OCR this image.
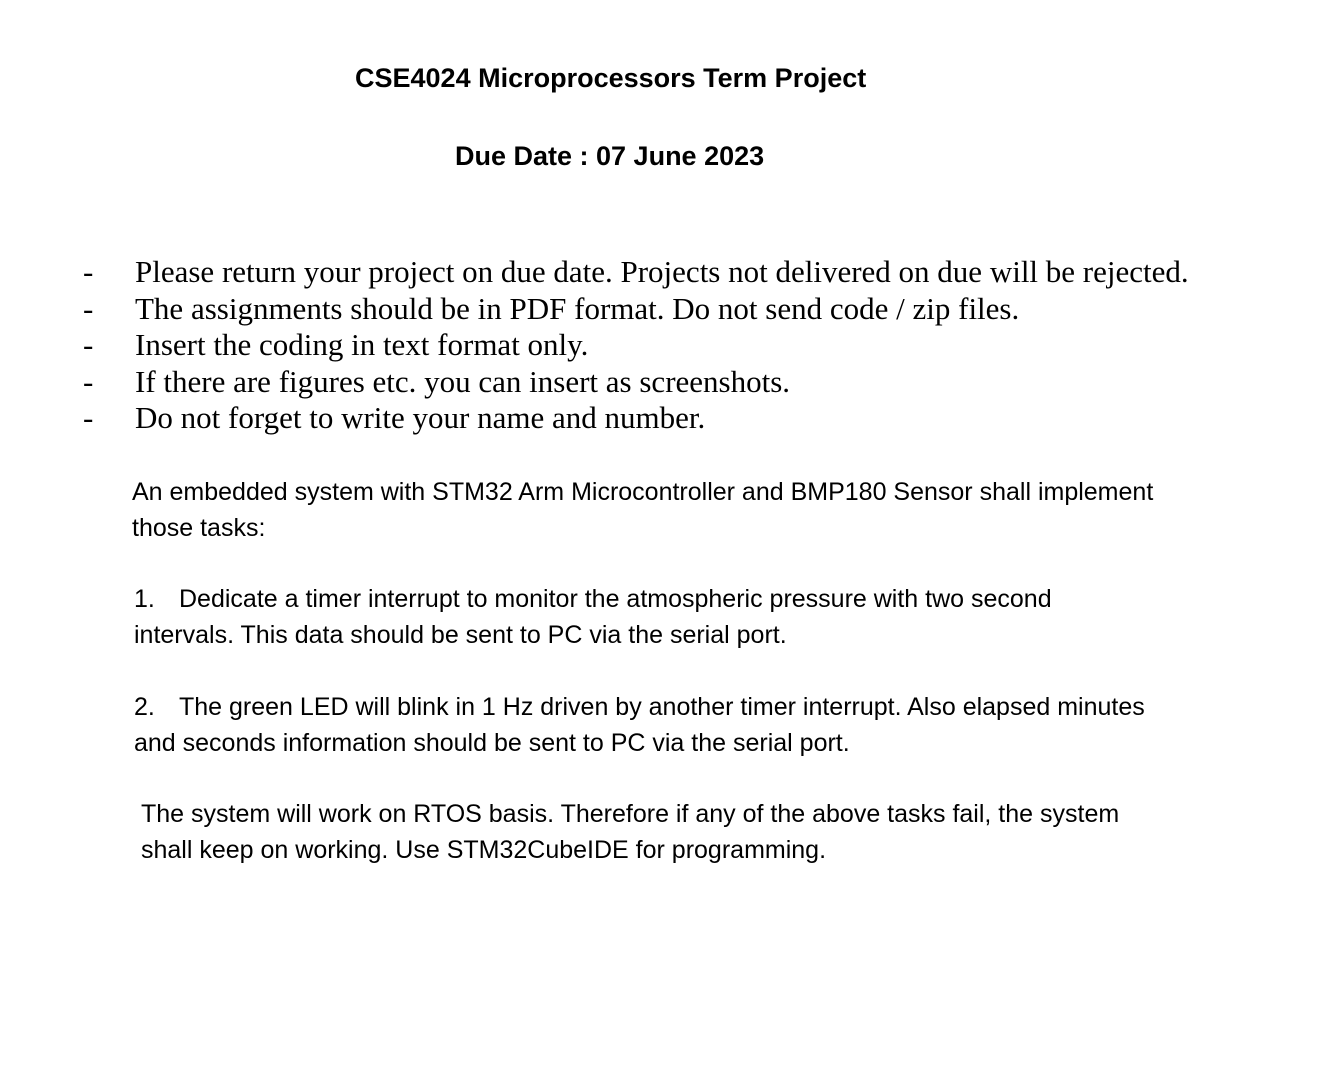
CSE4024 Microprocessors Term Project
Due Date : 07 June 2023
-	Please return your project on due date. Projects not delivered on due will be rejected.
-	The assignments should be in PDF format. Do not send code / zip files.
-	Insert the coding in text format only.
-	If there are figures etc. you can insert as screenshots.
-	Do not forget to write your name and number.

An embedded system with STM32 Arm Microcontroller and BMP180 Sensor shall implement
those tasks:

1. Dedicate a timer interrupt to monitor the atmospheric pressure with two second
intervals. This data should be sent to PC via the serial port.

2. The green LED will blink in 1 Hz driven by another timer interrupt. Also elapsed minutes
and seconds information should be sent to PC via the serial port.

The system will work on RTOS basis. Therefore if any of the above tasks fail, the system
shall keep on working. Use STM32CubeIDE for programming.
